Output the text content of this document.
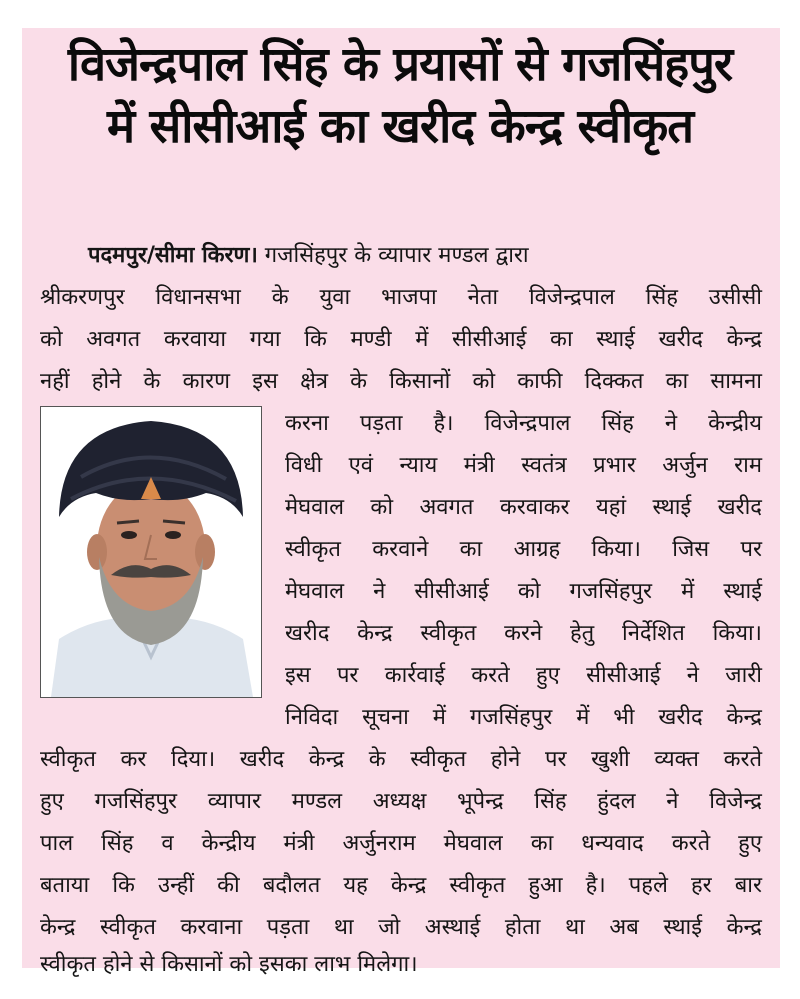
विजेन्द्रपाल सिंह के प्रयासों से गजसिंहपुर
में सीसीआई का खरीद केन्द्र स्वीकृत
पदमपुर/सीमा किरण। गजसिंहपुर के व्यापार मण्डल द्वारा
श्रीकरणपुर विधानसभा के युवा भाजपा नेता विजेन्द्रपाल सिंह उसीसी
को अवगत करवाया गया कि मण्डी में सीसीआई का स्थाई खरीद केन्द्र
नहीं होने के कारण इस क्षेत्र के किसानों को काफी दिक्कत का सामना
करना पड़ता है। विजेन्द्रपाल सिंह ने केन्द्रीय
विधी एवं न्याय मंत्री स्वतंत्र प्रभार अर्जुन राम
मेघवाल को अवगत करवाकर यहां स्थाई खरीद
स्वीकृत करवाने का आग्रह किया। जिस पर
मेघवाल ने सीसीआई को गजसिंहपुर में स्थाई
खरीद केन्द्र स्वीकृत करने हेतु निर्देशित किया।
इस पर कार्रवाई करते हुए सीसीआई ने जारी
निविदा सूचना में गजसिंहपुर में भी खरीद केन्द्र
स्वीकृत कर दिया। खरीद केन्द्र के स्वीकृत होने पर खुशी व्यक्त करते
हुए गजसिंहपुर व्यापार मण्डल अध्यक्ष भूपेन्द्र सिंह हुंदल ने विजेन्द्र
पाल सिंह व केन्द्रीय मंत्री अर्जुनराम मेघवाल का धन्यवाद करते हुए
बताया कि उन्हीं की बदौलत यह केन्द्र स्वीकृत हुआ है। पहले हर बार
केन्द्र स्वीकृत करवाना पड़ता था जो अस्थाई होता था अब स्थाई केन्द्र
स्वीकृत होने से किसानों को इसका लाभ मिलेगा।
